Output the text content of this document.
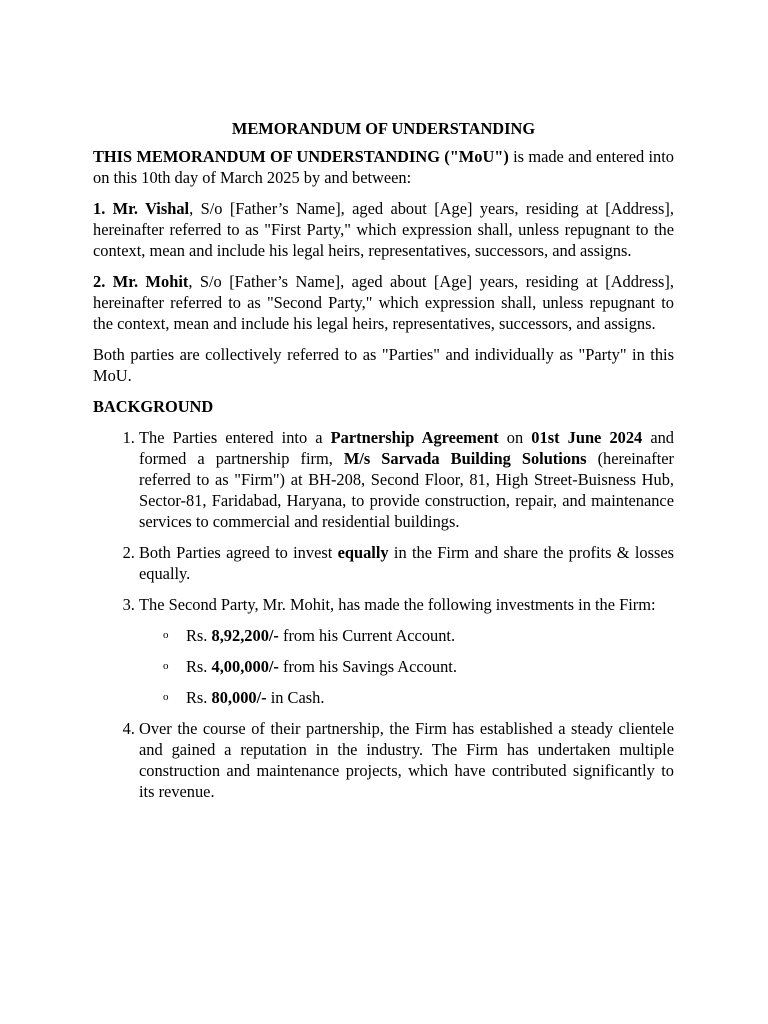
MEMORANDUM OF UNDERSTANDING

THIS MEMORANDUM OF UNDERSTANDING ("MoU") is made and entered into on this 10th day of March 2025 by and between:

1. Mr. Vishal, S/o [Father’s Name], aged about [Age] years, residing at [Address], hereinafter referred to as "First Party," which expression shall, unless repugnant to the context, mean and include his legal heirs, representatives, successors, and assigns.

2. Mr. Mohit, S/o [Father’s Name], aged about [Age] years, residing at [Address], hereinafter referred to as "Second Party," which expression shall, unless repugnant to the context, mean and include his legal heirs, representatives, successors, and assigns.

Both parties are collectively referred to as "Parties" and individually as "Party" in this MoU.

BACKGROUND
1. The Parties entered into a Partnership Agreement on 01st June 2024 and formed a partnership firm, M/s Sarvada Building Solutions (hereinafter referred to as "Firm") at BH-208, Second Floor, 81, High Street-Buisness Hub, Sector-81, Faridabad, Haryana, to provide construction, repair, and maintenance services to commercial and residential buildings.
2. Both Parties agreed to invest equally in the Firm and share the profits & losses equally.
3. The Second Party, Mr. Mohit, has made the following investments in the Firm:
o Rs. 8,92,200/- from his Current Account.
o Rs. 4,00,000/- from his Savings Account.
o Rs. 80,000/- in Cash.
4. Over the course of their partnership, the Firm has established a steady clientele and gained a reputation in the industry. The Firm has undertaken multiple construction and maintenance projects, which have contributed significantly to its revenue.
